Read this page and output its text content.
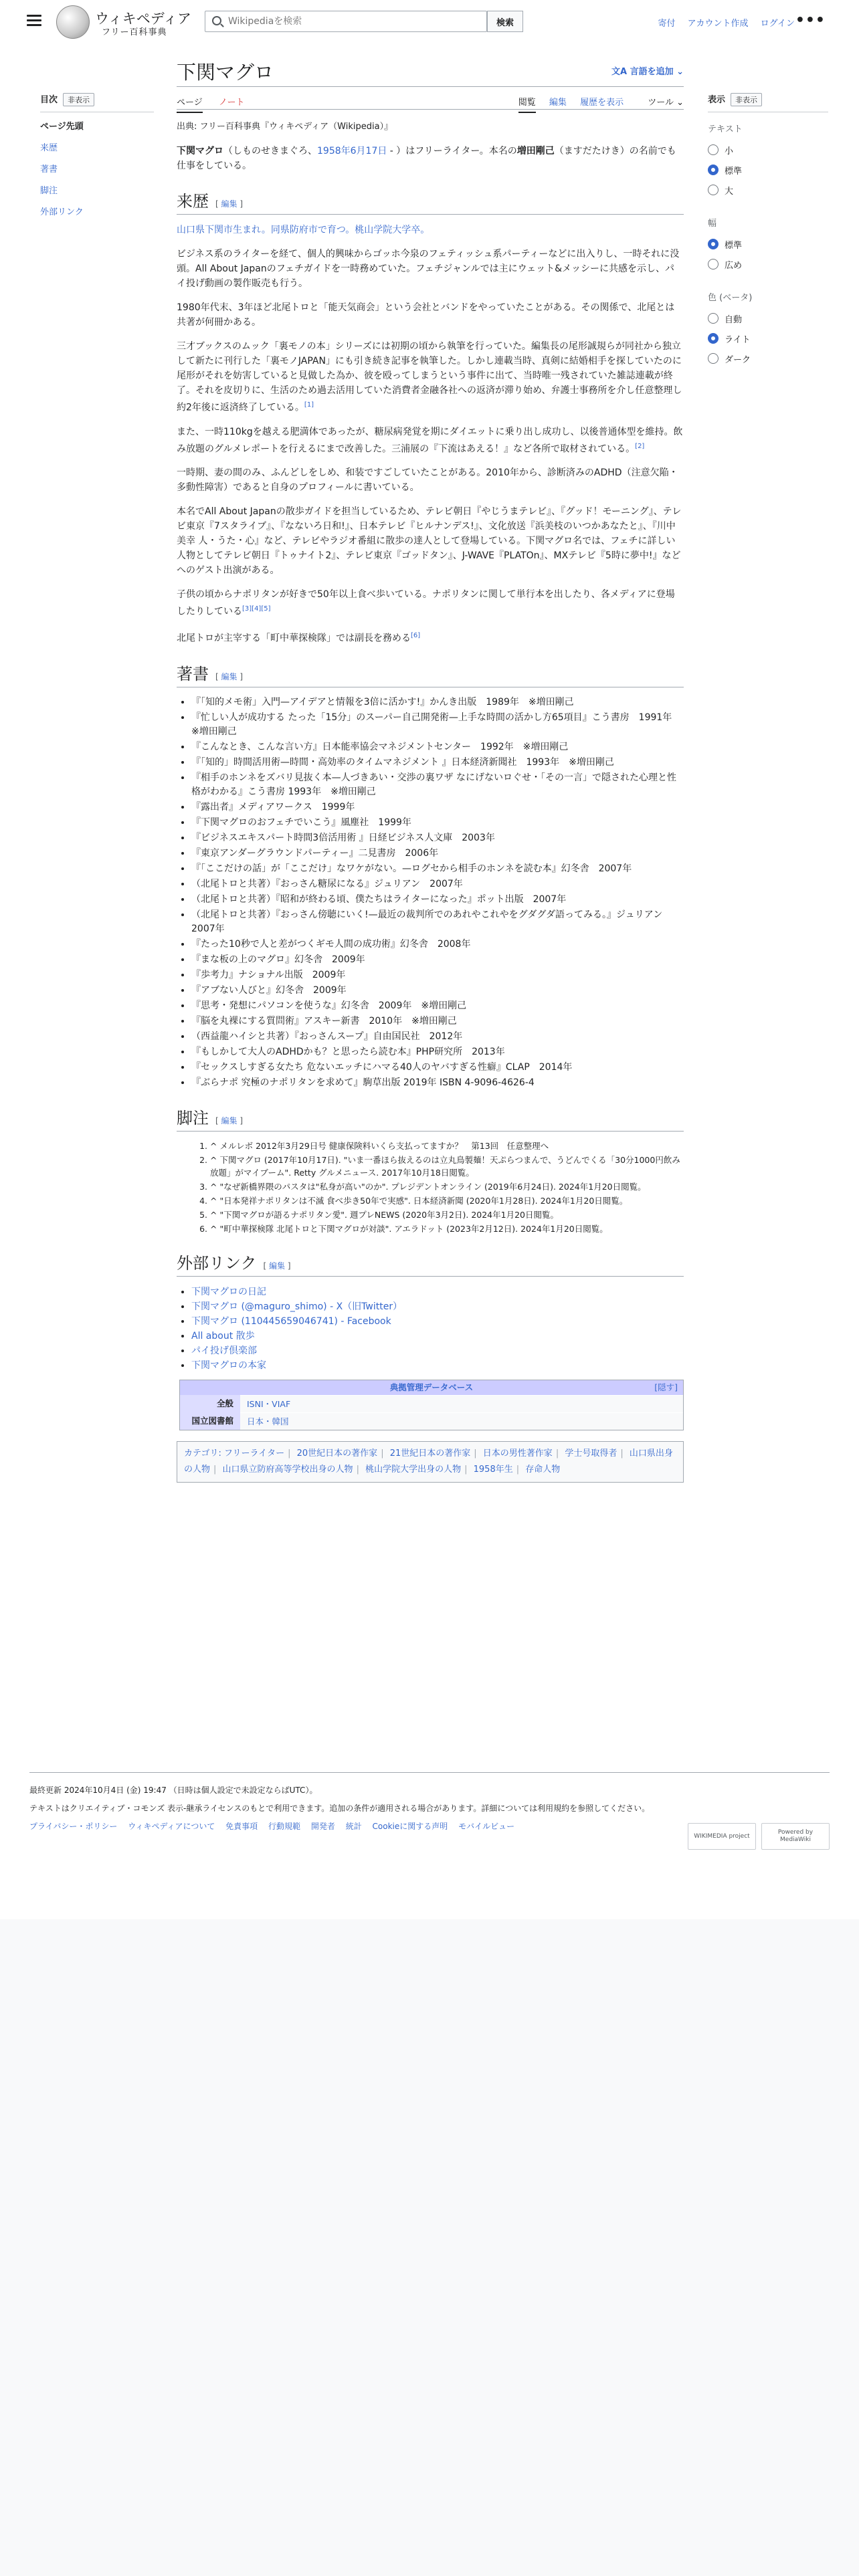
ウィキペディア
フリー百科事典
Wikipediaを検索
検索	寄付 アカウント作成 ログイン •••
目次 非表示
ページ先頭
来歴
著書
脚注
外部リンク
表示 非表示
テキスト
小
標準
大
幅
標準
広め
色 (ベータ)
自動
ライト
ダーク
下関マグロ	文A 言語を追加 ⌄
ページ ノート	閲覧 編集 履歴を表示	ツール ⌄
出典: フリー百科事典『ウィキペディア（Wikipedia）』

下関マグロ（しものせきまぐろ、1958年6月17日 - ）はフリーライター。本名の増田剛己（ますだたけき）の名前でも仕事をしている。

来歴 [ 編集 ]

山口県下関市生まれ。同県防府市で育つ。桃山学院大学卒。

ビジネス系のライターを経て、個人的興味からゴッホ今泉のフェティッシュ系パーティーなどに出入りし、一時それに没頭。All About Japanのフェチガイドを一時務めていた。フェチジャンルでは主にウェット&メッシーに共感を示し、パイ投げ動画の製作販売も行う。

1980年代末、3年ほど北尾トロと「能天気商会」という会社とバンドをやっていたことがある。その関係で、北尾とは共著が何冊かある。

三才ブックスのムック「裏モノの本」シリーズには初期の頃から執筆を行っていた。編集長の尾形誠規らが同社から独立して新たに刊行した「裏モノJAPAN」にも引き続き記事を執筆した。しかし連載当時、真剣に結婚相手を探していたのに尾形がそれを妨害していると見做した為か、彼を殴ってしまうという事件に出て、当時唯一残されていた雑誌連載が終了。それを皮切りに、生活のため過去活用していた消費者金融各社への返済が滞り始め、弁護士事務所を介し任意整理し約2年後に返済終了している。[1]

また、一時110kgを越える肥満体であったが、糖尿病発覚を期にダイエットに乗り出し成功し、以後普通体型を維持。飲み放題のグルメレポートを行えるにまで改善した。三浦展の『下流はあえる！』など各所で取材されている。[2]

一時期、妻の間のみ、ふんどしをしめ、和装ですごしていたことがある。2010年から、診断済みのADHD（注意欠陥・多動性障害）であると自身のプロフィールに書いている。

本名でAll About Japanの散歩ガイドを担当しているため、テレビ朝日『やじうまテレビ』、『グッド！モーニング』、テレビ東京『7スタライブ』、『なないろ日和!』、日本テレビ『ヒルナンデス!』、文化放送『浜美枝のいつかあなたと』、『川中美幸 人・うた・心』など、テレビやラジオ番組に散歩の達人として登場している。下関マグロ名では、フェチに詳しい人物としてテレビ朝日『トゥナイト2』、テレビ東京『ゴッドタン』、J-WAVE『PLATOn』、MXテレビ『5時に夢中!』などへのゲスト出演がある。

子供の頃からナポリタンが好きで50年以上食べ歩いている。ナポリタンに関して単行本を出したり、各メディアに登場したりしている[3][4][5]

北尾トロが主宰する「町中華探検隊」では副長を務める[6]

著書 [ 編集 ]
• 『「知的メモ術」入門—アイデアと情報を3倍に活かす!』かんき出版　1989年　※増田剛己
• 『忙しい人が成功する たった「15分」のスーパー自己開発術—上手な時間の活かし方65項目』こう書房　1991年　※増田剛己
• 『こんなとき、こんな言い方』日本能率協会マネジメントセンター　1992年　※増田剛己
• 『「知的」時間活用術—時間・高効率のタイムマネジメント 』日本経済新聞社　1993年　※増田剛己
• 『相手のホンネをズバリ見抜く本—人づきあい・交渉の裏ワザ なにげないロぐせ・「その一言」で隠された心理と性格がわかる』こう書房 1993年　※増田剛己
• 『露出者』メディアワークス　1999年
• 『下関マグロのおフェチでいこう』風塵社　1999年
• 『ビジネスエキスパート時間3倍活用術 』日経ビジネス人文庫　2003年
• 『東京アンダーグラウンドパーティー』二見書房　2006年
• 『「ここだけの話」が「ここだけ」なワケがない。—ログセから相手のホンネを読む本』幻冬舎　2007年
• （北尾トロと共著）『おっさん糖尿になる』ジュリアン　2007年
• （北尾トロと共著）『昭和が終わる頃、僕たちはライターになった』ポット出版　2007年
• （北尾トロと共著）『おっさん傍聴にいく!—最近の裁判所でのあれやこれやをグダグダ語ってみる。』ジュリアン　2007年
• 『たった10秒で人と差がつくギモ人間の成功術』幻冬舎　2008年
• 『まな板の上のマグロ』幻冬舎　2009年
• 『歩考力』ナショナル出版　2009年
• 『アブない人びと』幻冬舎　2009年
• 『思考・発想にパソコンを使うな』幻冬舎　2009年　※増田剛己
• 『脳を丸裸にする質問術』アスキー新書　2010年　※増田剛己
• （西益龍ハイシと共著）『おっさんスープ』自由国民社　2012年
• 『もしかして大人のADHDかも？と思ったら読む本』PHP研究所　2013年
• 『セックスしすぎる女たち 危ないエッチにハマる40人のヤバすぎる性癖』CLAP　2014年
• 『ぶらナポ 究極のナポリタンを求めて』駒草出版 2019年 ISBN 4-9096-4626-4
脚注 [ 編集 ]
1. ^ メルレボ 2012年3月29日号 健康保険料いくら支払ってますか？　第13回　任意整理へ
2. ^ 下関マグロ (2017年10月17日). "いま一番ほら抜えるのは立丸鳥製麺！天ぷらつまんで、うどんでくる「30分1000円飲み放題」がマイブーム". Retty グルメニュース. 2017年10月18日閲覧。
3. ^ "なぜ新橋界隈のパスタは"私身が高い"のか". プレジデントオンライン (2019年6月24日). 2024年1月20日閲覧。
4. ^ "日本発祥ナポリタンは不滅 食べ歩き50年で実感". 日本経済新聞 (2020年1月28日). 2024年1月20日閲覧。
5. ^ "下関マグロが語るナポリタン愛". 週プレNEWS (2020年3月2日). 2024年1月20日閲覧。
6. ^ "町中華探検隊 北尾トロと下関マグロが対談". アエラドット (2023年2月12日). 2024年1月20日閲覧。
外部リンク [ 編集 ]
• 下関マグロの日記
• 下関マグロ (@maguro_shimo) - X（旧Twitter）
• 下関マグロ (110445659046741) - Facebook
• All about 散歩
• パイ投げ倶楽部
• 下関マグロの本家
典拠管理データベース	[隠す]
全般	ISNI・VIAF
国立図書館	日本・韓国
カテゴリ: フリーライター | 20世紀日本の著作家 | 21世紀日本の著作家 | 日本の男性著作家 | 学士号取得者 | 山口県出身の人物 | 山口県立防府高等学校出身の人物 | 桃山学院大学出身の人物 | 1958年生 | 存命人物
最終更新 2024年10月4日 (金) 19:47 （日時は個人設定で未設定ならばUTC）。
テキストはクリエイティブ・コモンズ 表示-継承ライセンスのもとで利用できます。追加の条件が適用される場合があります。詳細については利用規約を参照してください。
プライバシー・ポリシー ウィキペディアについて 免責事項 行動規範 開発者 統計 Cookieに関する声明 モバイルビュー
WIKIMEDIA project
Powered by MediaWiki
